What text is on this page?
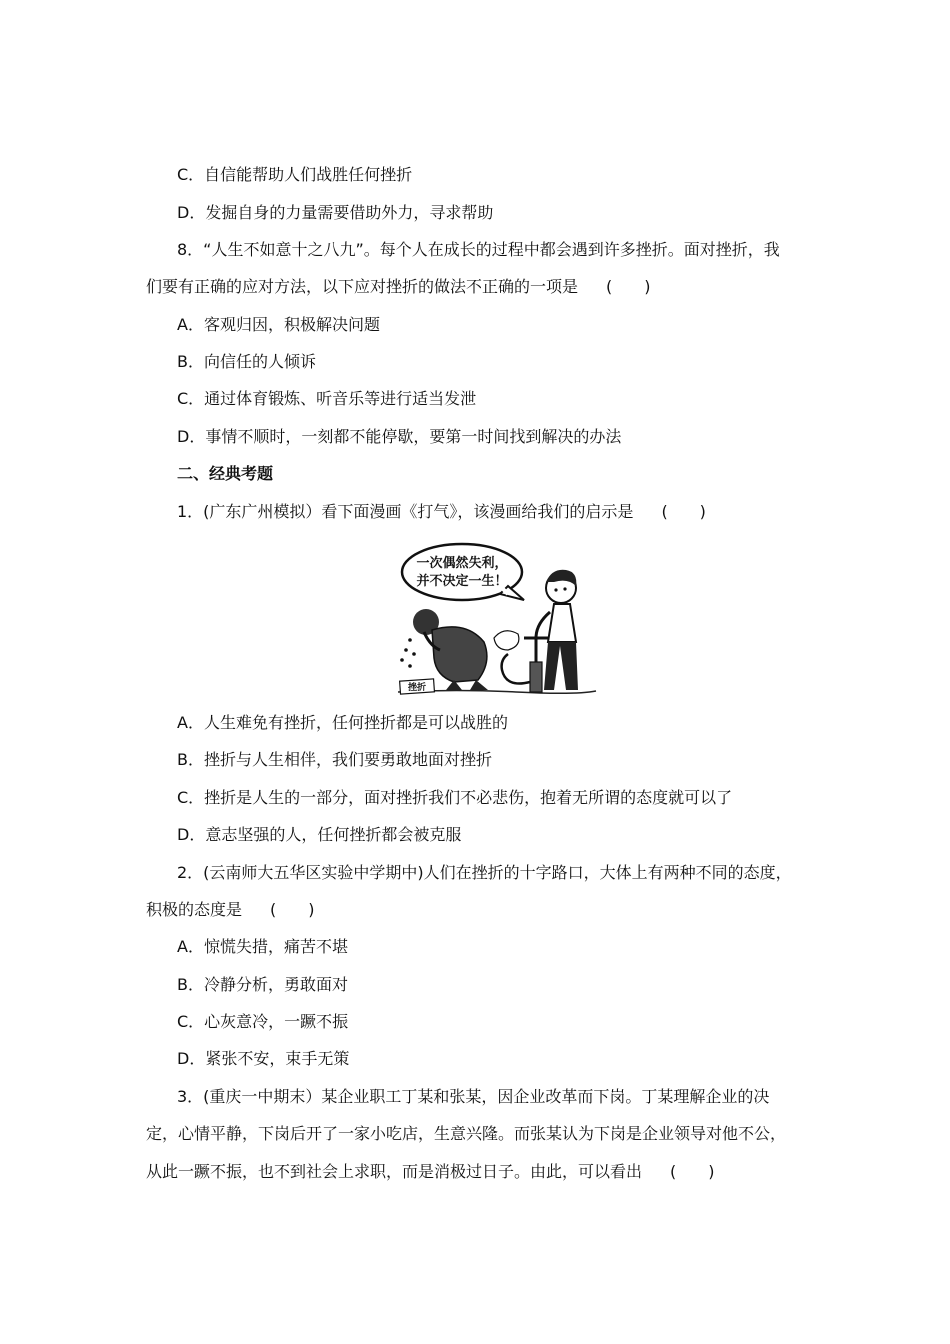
C．自信能帮助人们战胜任何挫折
D．发掘自身的力量需要借助外力，寻求帮助
8．“人生不如意十之八九”。每个人在成长的过程中都会遇到许多挫折。面对挫折，我
们要有正确的应对方法，以下应对挫折的做法不正确的一项是 (　　)
A．客观归因，积极解决问题
B．向信任的人倾诉
C．通过体育锻炼、听音乐等进行适当发泄
D．事情不顺时，一刻都不能停歇，要第一时间找到解决的办法
二、经典考题
1．(广东广州模拟）看下面漫画《打气》，该漫画给我们的启示是 (　　)
一次偶然失利，
并不决定一生！
挫折
A．人生难免有挫折，任何挫折都是可以战胜的
B．挫折与人生相伴，我们要勇敢地面对挫折
C．挫折是人生的一部分，面对挫折我们不必悲伤，抱着无所谓的态度就可以了
D．意志坚强的人，任何挫折都会被克服
2．(云南师大五华区实验中学期中)人们在挫折的十字路口，大体上有两种不同的态度，
积极的态度是 (　　)
A．惊慌失措，痛苦不堪
B．冷静分析，勇敢面对
C．心灰意冷，一蹶不振
D．紧张不安，束手无策
3．(重庆一中期末）某企业职工丁某和张某，因企业改革而下岗。丁某理解企业的决
定，心情平静，下岗后开了一家小吃店，生意兴隆。而张某认为下岗是企业领导对他不公，
从此一蹶不振，也不到社会上求职，而是消极过日子。由此，可以看出 (　　)
